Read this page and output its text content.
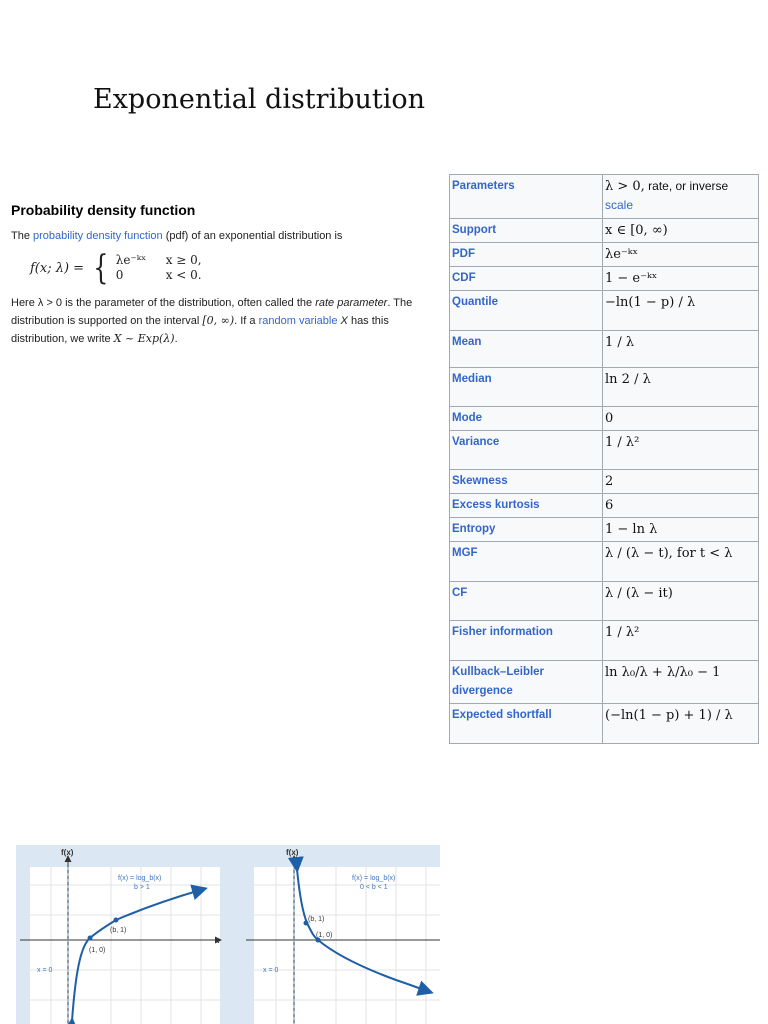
Exponential distribution
Probability density function
The probability density function (pdf) of an exponential distribution is
f(x; λ) = { λe⁻ᵏˣ	x ≥ 0,
0	x < 0.
Here λ > 0 is the parameter of the distribution, often called the rate parameter. The
distribution is supported on the interval [0, ∞). If a random variable X has this
distribution, we write X ~ Exp(λ).
Parameters	λ > 0, rate, or inverse
scale
Support	x ∈ [0, ∞)
PDF	λe⁻ᵏˣ
CDF	1 − e⁻ᵏˣ
Quantile	−ln(1 − p) / λ
Mean	1 / λ
Median	ln 2 / λ
Mode	0
Variance	1 / λ²
Skewness	2
Excess kurtosis	6
Entropy	1 − ln λ
MGF	λ / (λ − t), for t < λ
CF	λ / (λ − it)
Fisher information	1 / λ²
Kullback–Leibler divergence	ln λ₀/λ + λ/λ₀ − 1
Expected shortfall	(−ln(1 − p) + 1) / λ
f(x)
x
f(x) = log_b(x)
b > 1
(b, 1)
(1, 0)
x = 0
f(x)
f(x) = log_b(x)
0 < b < 1
(b, 1)
(1, 0)
x = 0
